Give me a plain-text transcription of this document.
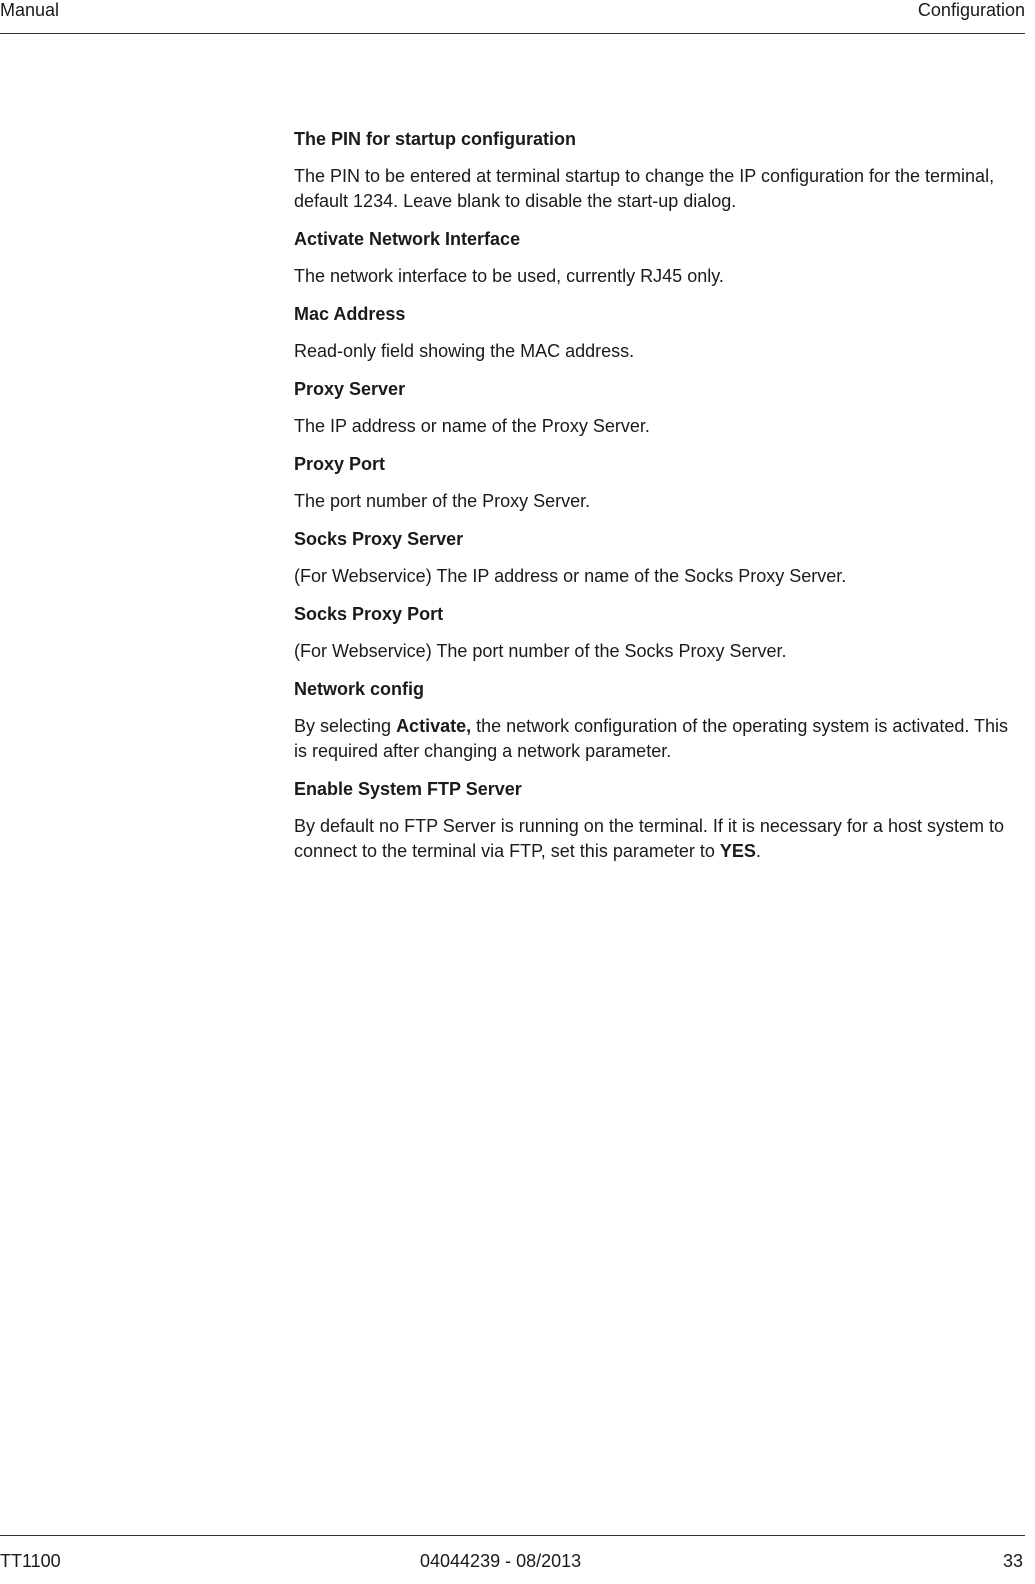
Manual	Configuration
The PIN for startup configuration
The PIN to be entered at terminal startup to change the IP configuration for the terminal, default 1234. Leave blank to disable the start-up dialog.
Activate Network Interface
The network interface to be used, currently RJ45 only.
Mac Address
Read-only field showing the MAC address.
Proxy Server
The IP address or name of the Proxy Server.
Proxy Port
The port number of the Proxy Server.
Socks Proxy Server
(For Webservice) The IP address or name of the Socks Proxy Server.
Socks Proxy Port
(For Webservice) The port number of the Socks Proxy Server.
Network config
By selecting Activate, the network configuration of the operating system is activated. This is required after changing a network parameter.
Enable System FTP Server
By default no FTP Server is running on the terminal. If it is necessary for a host system to connect to the terminal via FTP, set this parameter to YES.
TT1100	04044239 - 08/2013	33
